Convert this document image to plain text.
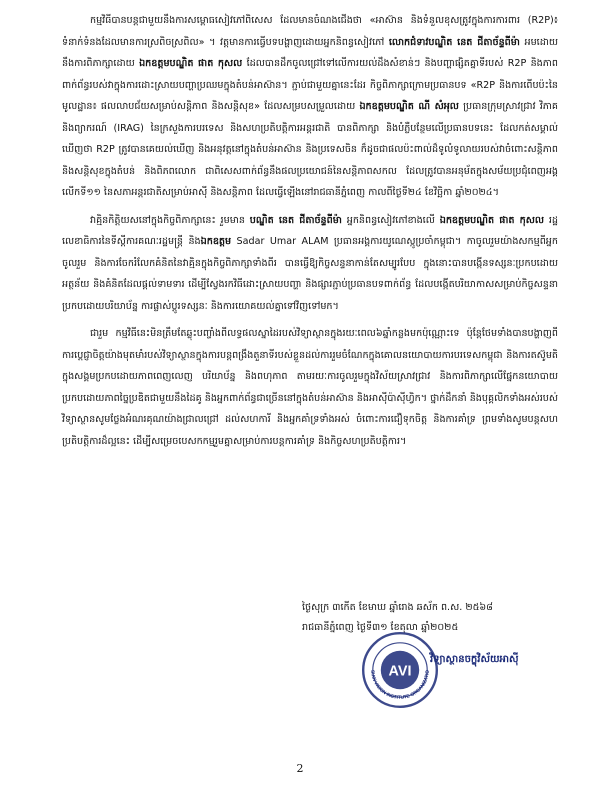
កម្មវិធីបានបន្តជាមួយនឹងការសម្ពោធសៀវភៅពិសេស ដែលមានចំណងជើងថា «អាស៊ាន និងទំនួលខុសត្រូវក្នុងការការពារ (R2P)៖ ទំនាក់ទំនងដែលមានការស្រពិចស្រពិល» ។ វត្តមានការធ្វើបទបង្ហាញដោយអ្នកនិពន្ធសៀវភៅ លោកជំទាវបណ្ឌិត នេត ជីតាច័ន្ទពីម៉ា អមដោយនឹងការពិភាក្សាដោយ ឯកឧត្តមបណ្ឌិត ផាត កុសល ដែលបានដឹកចូលជ្រៅទៅលើការយល់ដឹងសំខាន់ៗ និងបញ្ហាផ្សិតគ្នាទីរបស់ R2P និងភាពពាក់ព័ន្ធរបស់វាក្នុងការដោះស្រាយបញ្ហាប្រឈមក្នុងតំបន់អាស៊ាន។ ភ្ជាប់ជាមួយគ្នានេះដែរ កិច្ចពិភាក្សាក្រោមប្រធានបទ «R2P និងការពើបប៉ះនៃមូលដ្ឋាន៖ ផលលាបជ័យសម្រាប់សន្តិភាព និងសន្តិសុខ» ដែលសម្របសម្រួលដោយ ឯកឧត្តមបណ្ឌិត ណី សំអុល ប្រធានក្រុមស្រាវជ្រាវ វិភាគ និងព្យាករណ៍ (IRAG) នៃក្រសួងការបរទេស និងសហប្រតិបត្តិការអន្តរជាតិ បានពិភាក្សា និងបំភ្លឺបន្ថែមលើប្រធានបទនេះ ដែលកត់សម្គាល់ឃើញថា R2P ត្រូវបានគេយល់ឃើញ និងអនុវត្តនៅក្នុងតំបន់អាស៊ាន និងប្រទេសចិន ក៏ដូចជាផលប៉ះពាល់ដ៏ទូលំទូលាយរបស់វាចំពោះសន្តិភាព និងសន្តិសុខក្នុងតំបន់ និងពិភពលោក ជាពិសេសពាក់ព័ន្ធនឹងផលប្រយោជន៍នៃសន្តិភាពសកល ដែលត្រូវបានអនុម័តក្នុងសម័យប្រជុំពេញអង្គលើកទី១១ នៃសភាអន្តរជាតិសម្រាប់អាស៊ី និងសន្តិភាព ដែលធ្វើឡើងនៅរាជធានីភ្នំពេញ កាលពីថ្ងៃទី២៤ ខែវិច្ឆិកា ឆ្នាំ២០២៤។

វាគ្មិនកិត្តិយសនៅក្នុងកិច្ចពិភាក្សានេះ រួមមាន បណ្ឌិត នេត ជីតាច័ន្ទពីម៉ា អ្នកនិពន្ធសៀវភៅខាងលើ ឯកឧត្តមបណ្ឌិត ផាត កុសល រដ្ឋលេខាធិការនៃទីស្តីការគណៈរដ្ឋមន្ត្រី និងឯកឧត្តម Sadar Umar ALAM ប្រធានអង្គការយូណេស្កូប្រចាំកម្ពុជា។ កាចូលរួមយ៉ាងសកម្មពីអ្នកចូលរួម និងការចែករំលែកគំនិតនៃវាគ្មិនក្នុងកិច្ចពិភាក្សាទាំងពីរ បានធ្វើឱ្យកិច្ចសន្ទនាកាន់តែសម្បូរបែប ក្នុងនោះបានបង្កើនទស្សនៈប្រកបដោយអត្ថន័យ និងគំនិតដែលផ្តល់ទាមទារ ដើម្បីស្វែងរកវិធីដោះស្រាយបញ្ហា និងផ្សារភ្ជាប់ប្រធានបទពាក់ព័ន្ធ ដែលបង្កើតបរិយាកាសសម្រាប់កិច្ចសន្ទនាប្រកបដោយបរិយាប័ន្ន ការផ្លាស់ប្តូរទស្សនៈ និងការយោគយល់គ្នាទៅវិញទៅមក។

ជារួម កម្មវិធីនេះមិនត្រឹមតែឆ្លុះបញ្ចាំងពីលទ្ធផលស្នាដៃរបស់វិទ្យាស្ថានក្នុងរយៈពេល៦ឆ្នាំកន្លងមកប៉ុណ្ណោះទេ ប៉ុន្តែថែមទាំងបានបង្ហាញពីការប្តេជ្ញាចិត្តយ៉ាងមុតមាំរបស់វិទ្យាស្ថានក្នុងការបន្តពង្រឹងតួនាទីរបស់ខ្លួនដល់ការរួមចំណែកក្នុងគោលនយោបាយការបរទេសកម្ពុជា និងការតស៊ូមតិក្នុងសង្គមប្រកបដោយភាពពេញលេញ បរិយាប័ន្ន និងពហុភាព តាមរយៈការចូលរួមក្នុងវិស័យស្រាវជ្រាវ និងការពិភាក្សាលើផ្នែកនយោបាយ ប្រកបដោយភាពច្នៃប្រឌិតជាមួយនឹងដៃគូ និងអ្នកពាក់ព័ន្ធជាច្រើននៅក្នុងតំបន់អាស៊ាន និងអាស៊ីប៉ាស៊ីហ្វិក។ ថ្នាក់ដឹកនាំ និងបុគ្គលិកទាំងអស់របស់វិទ្យាស្ថានសូមថ្លែងអំណរគុណយ៉ាងជ្រាលជ្រៅ ដល់សហការី និងអ្នកគាំទ្រទាំងអស់ ចំពោះការជឿទុកចិត្ត និងការគាំទ្រ ព្រមទាំងសូមបន្តសហប្រតិបត្តិការដ៏ល្អនេះ ដើម្បីសម្រេចបេសកកម្មរួមគ្នាសម្រាប់ការបន្តការគាំទ្រ និងកិច្ចសហប្រតិបត្តិការ។

ថ្ងៃសុក្រ ៣កើត ខែមាឃ ឆ្នាំរោង ឆស័ក ព.ស. ២៥៦៨
រាជធានីភ្នំពេញ ថ្ងៃទី៣១ ខែតុលា ឆ្នាំ២០២៥
AVI
SIAN VISION INSTITUTE ORGANIZATIO
វិទ្យាស្ថានចក្ខុវិស័យអាស៊ី
2
